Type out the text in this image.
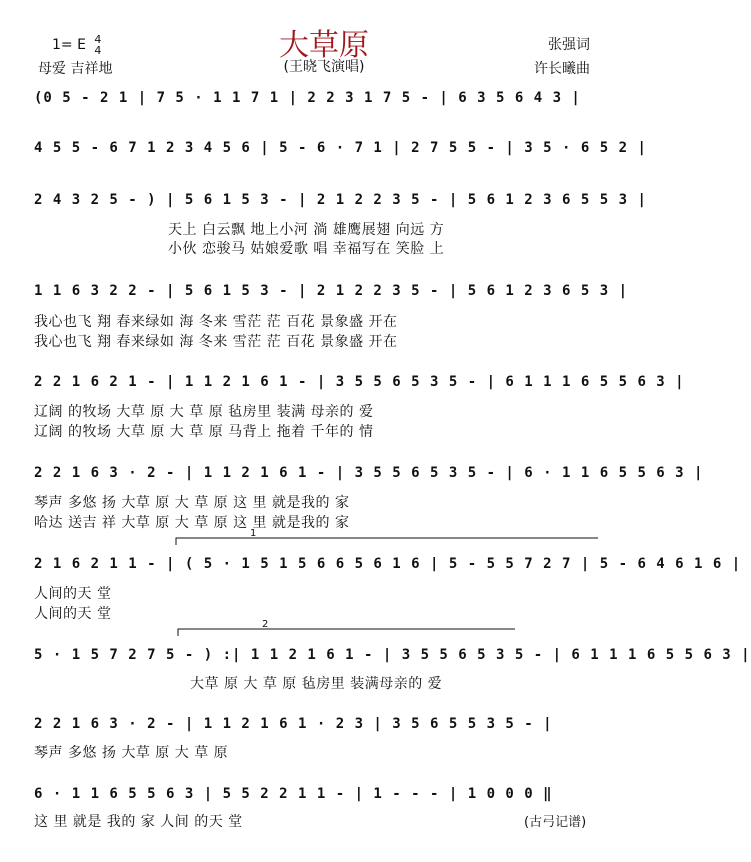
大草原
(王晓飞演唱)
1= E 4
4
母爱 吉祥地
张强词
许长曦曲
(0 5 - 2 1 | 7 5 · 1 1 7 1 | 2 2 3 1 7 5 - | 6 3 5 6 4 3 |
4 5 5 - 6 7 1 2 3 4 5 6 | 5 - 6 · 7 1 | 2 7 5 5 - | 3 5 · 6 5 2 |
2 4 3 2 5 - ) | 5 6 1 5 3 - | 2 1 2 2 3 5 - | 5 6 1 2 3 6 5 5 3 |
天上 白云飘 地上小河 淌 雄鹰展翅 向远 方
小伙 恋骏马 姑娘爱歌 唱 幸福写在 笑脸 上
1 1 6 3 2 2 - | 5 6 1 5 3 - | 2 1 2 2 3 5 - | 5 6 1 2 3 6 5 3 |
我心也飞 翔 春来绿如 海 冬来 雪茫 茫 百花 景象盛 开在
我心也飞 翔 春来绿如 海 冬来 雪茫 茫 百花 景象盛 开在
2 2 1 6 2 1 - | 1 1 2 1 6 1 - | 3 5 5 6 5 3 5 - | 6 1 1 1 6 5 5 6 3 |
辽阔 的牧场 大草 原 大 草 原 毡房里 装满 母亲的 爱
辽阔 的牧场 大草 原 大 草 原 马背上 拖着 千年的 情
2 2 1 6 3 · 2 - | 1 1 2 1 6 1 - | 3 5 5 6 5 3 5 - | 6 · 1 1 6 5 5 6 3 |
琴声 多悠 扬 大草 原 大 草 原 这 里 就是我的 家
哈达 送吉 祥 大草 原 大 草 原 这 里 就是我的 家
2 1 6 2 1 1 - | ( 5 · 1 5 1 5 6 6 5 6 1 6 | 5 - 5 5 7 2 7 | 5 - 6 4 6 1 6 |
人间的天 堂
人间的天 堂
5 · 1 5 7 2 7 5 - ) :| 1 1 2 1 6 1 - | 3 5 5 6 5 3 5 - | 6 1 1 1 6 5 5 6 3 |
大草 原 大 草 原 毡房里 装满母亲的 爱
2 2 1 6 3 · 2 - | 1 1 2 1 6 1 · 2 3 | 3 5 6 5 5 3 5 - |
琴声 多悠 扬 大草 原 大 草 原
6 · 1 1 6 5 5 6 3 | 5 5 2 2 1 1 - | 1 - - - | 1 0 0 0 ‖
这 里 就是 我的 家 人间 的天 堂	(古弓记谱)
1
2
